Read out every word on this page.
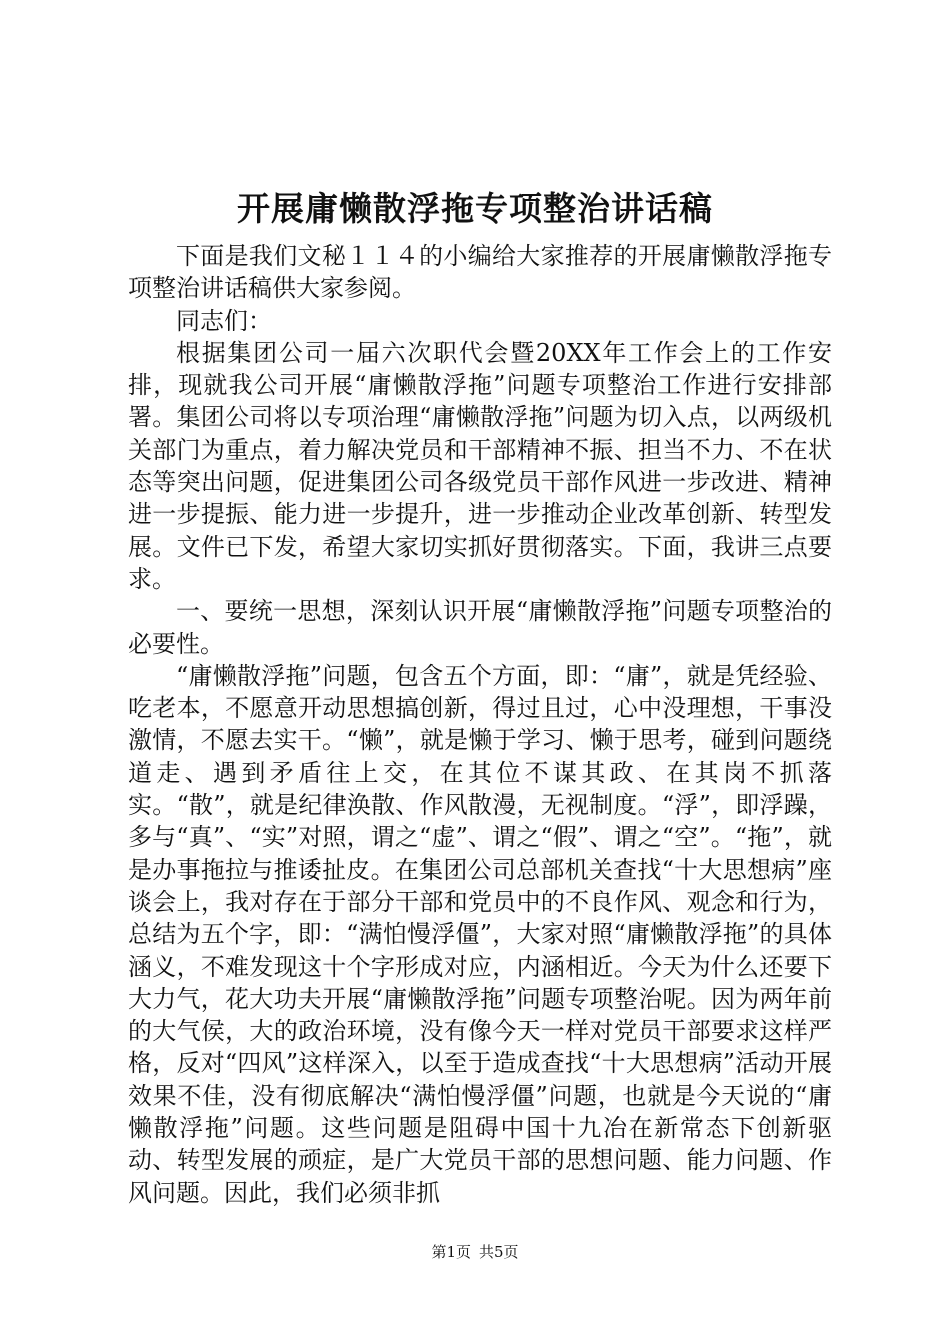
开展庸懒散浮拖专项整治讲话稿

下面是我们文秘１１４的小编给大家推荐的开展庸懒散浮拖专项整治讲话稿供大家参阅。

同志们：

根据集团公司一届六次职代会暨20XX年工作会上的工作安排，现就我公司开展“庸懒散浮拖”问题专项整治工作进行安排部署。集团公司将以专项治理“庸懒散浮拖”问题为切入点，以两级机关部门为重点，着力解决党员和干部精神不振、担当不力、不在状态等突出问题，促进集团公司各级党员干部作风进一步改进、精神进一步提振、能力进一步提升，进一步推动企业改革创新、转型发展。文件已下发，希望大家切实抓好贯彻落实。下面，我讲三点要求。

一、要统一思想，深刻认识开展“庸懒散浮拖”问题专项整治的必要性。

“庸懒散浮拖”问题，包含五个方面，即：“庸”，就是凭经验、吃老本，不愿意开动思想搞创新，得过且过，心中没理想，干事没激情，不愿去实干。“懒”，就是懒于学习、懒于思考，碰到问题绕道走、遇到矛盾往上交，在其位不谋其政、在其岗不抓落实。“散”，就是纪律涣散、作风散漫，无视制度。“浮”，即浮躁，多与“真”、“实”对照，谓之“虚”、谓之“假”、谓之“空”。“拖”，就是办事拖拉与推诿扯皮。在集团公司总部机关查找“十大思想病”座谈会上，我对存在于部分干部和党员中的不良作风、观念和行为，总结为五个字，即：“满怕慢浮僵”，大家对照“庸懒散浮拖”的具体涵义，不难发现这十个字形成对应，内涵相近。今天为什么还要下大力气，花大功夫开展“庸懒散浮拖”问题专项整治呢。因为两年前的大气侯，大的政治环境，没有像今天一样对党员干部要求这样严格，反对“四风”这样深入，以至于造成查找“十大思想病”活动开展效果不佳，没有彻底解决“满怕慢浮僵”问题，也就是今天说的“庸懒散浮拖”问题。这些问题是阻碍中国十九冶在新常态下创新驱动、转型发展的顽症，是广大党员干部的思想问题、能力问题、作风问题。因此，我们必须非抓

第1页 共5页
